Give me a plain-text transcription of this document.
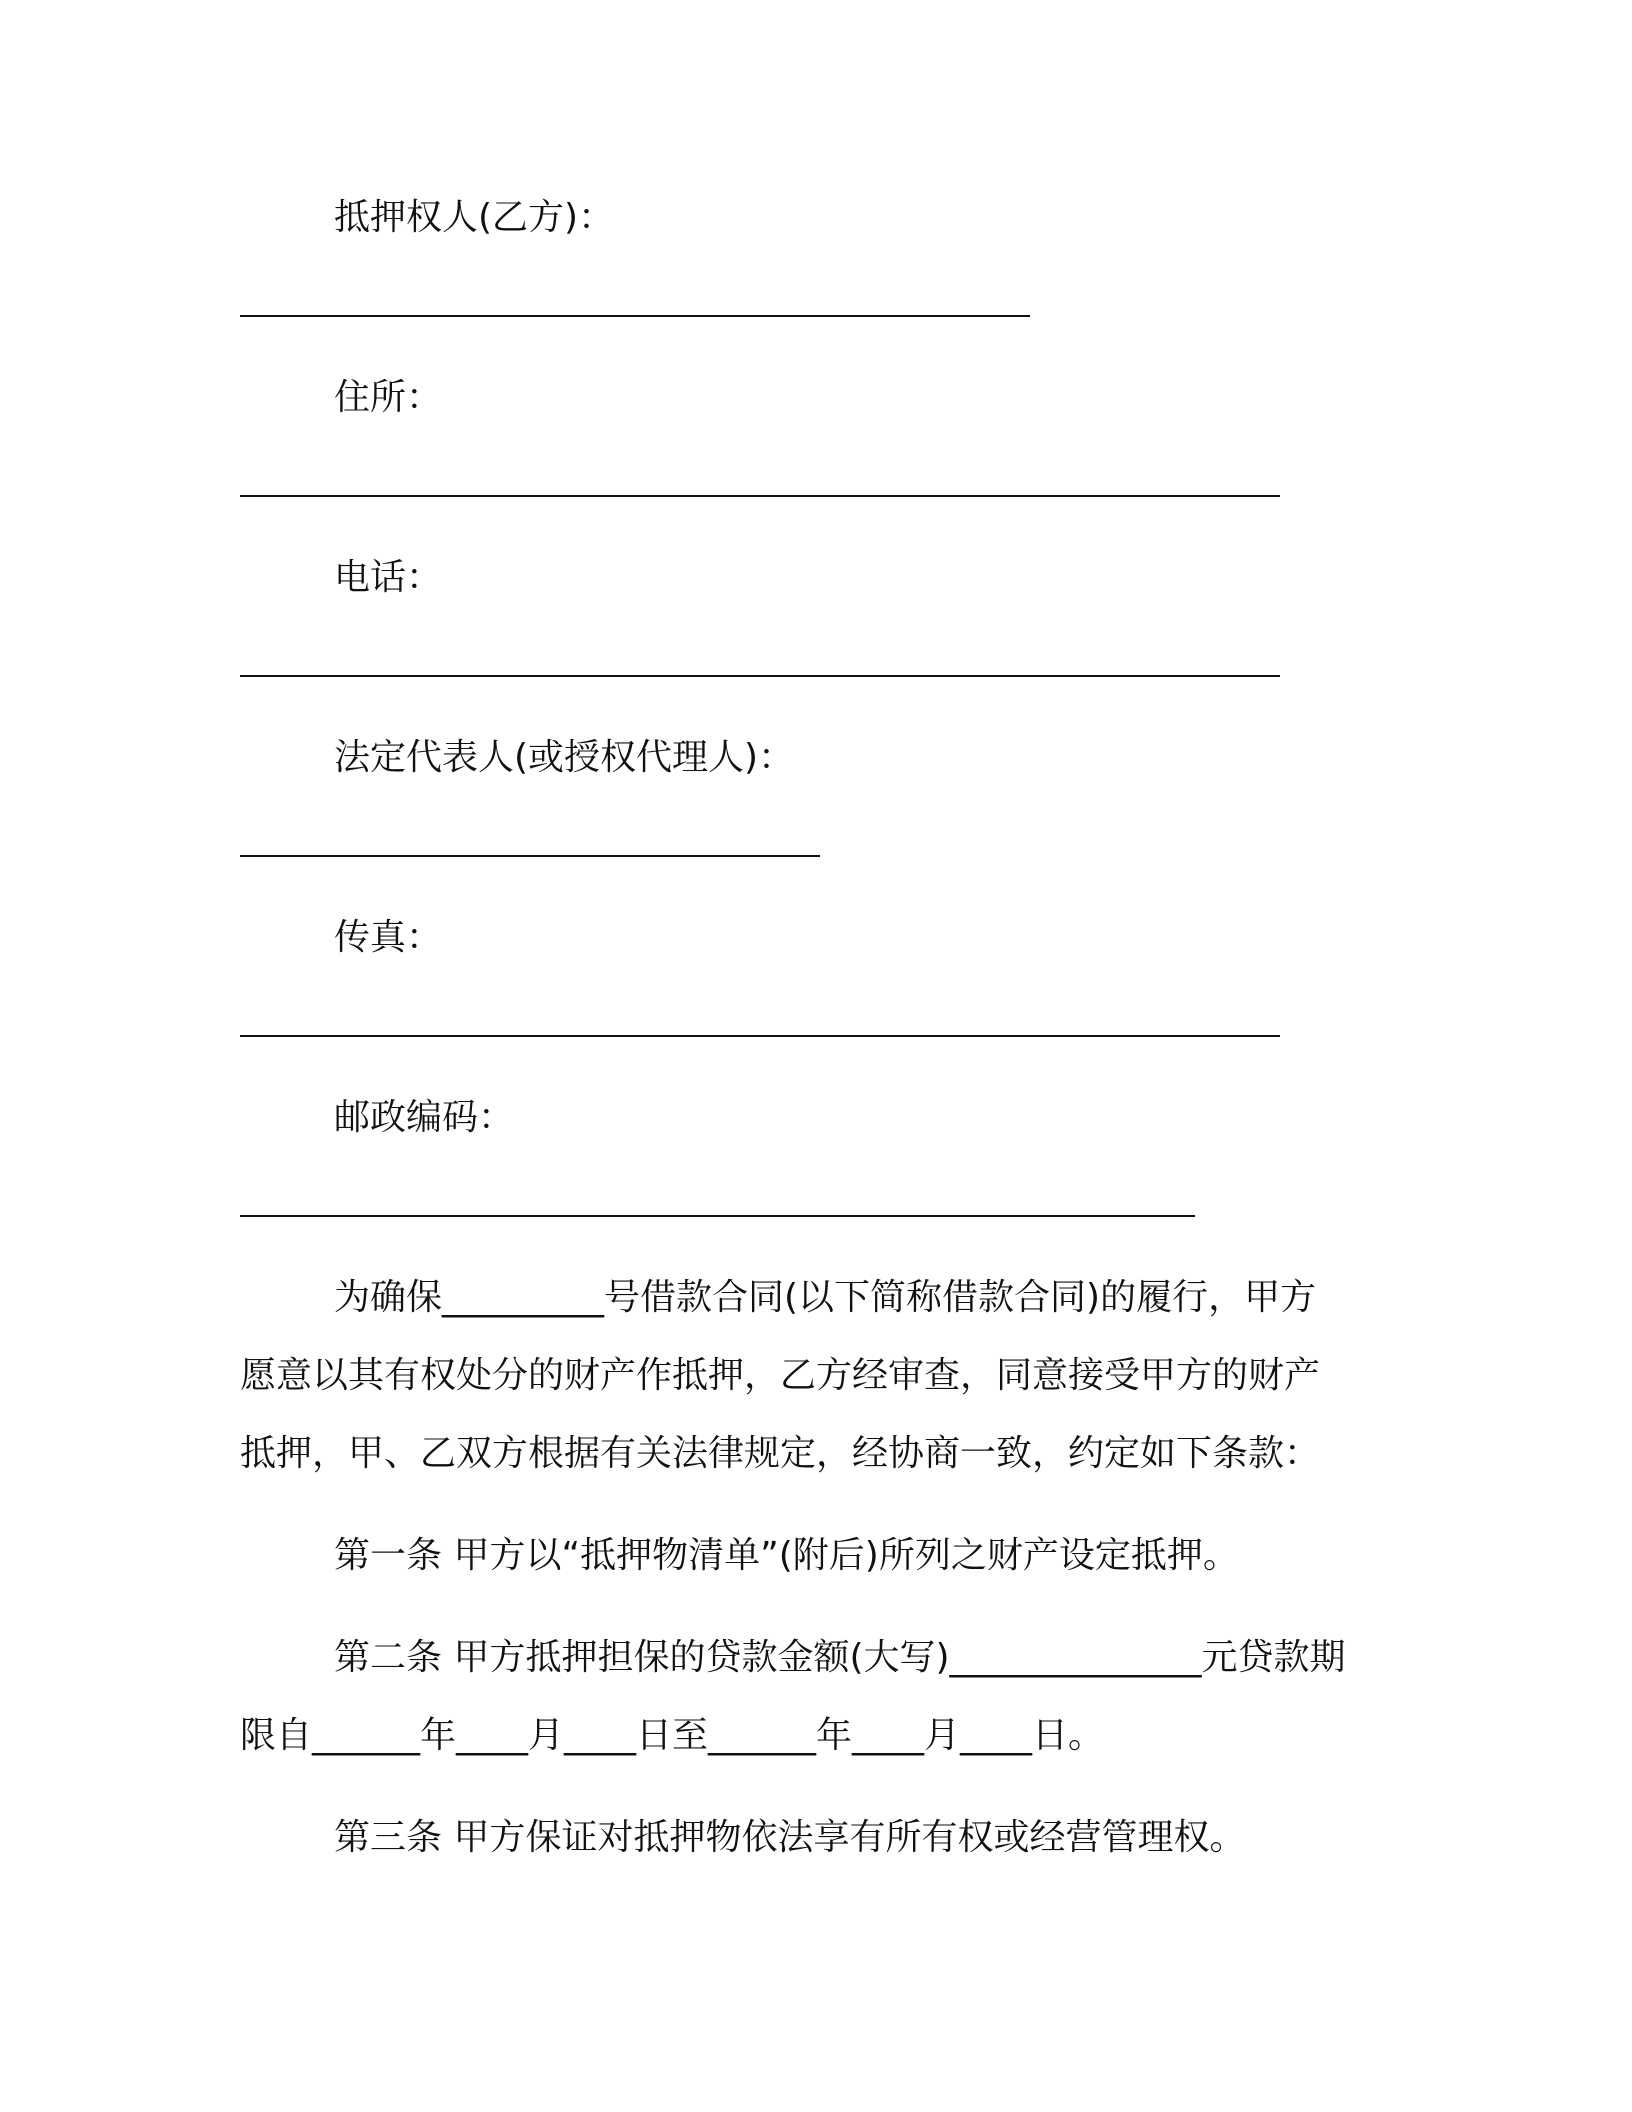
抵押权人(乙方)：
住所：
电话：
法定代表人(或授权代理人)：
传真：
邮政编码：
为确保_________号借款合同(以下简称借款合同)的履行，甲方
愿意以其有权处分的财产作抵押，乙方经审查，同意接受甲方的财产
抵押，甲、乙双方根据有关法律规定，经协商一致，约定如下条款：
第一条 甲方以“抵押物清单”(附后)所列之财产设定抵押。
第二条 甲方抵押担保的贷款金额(大写)______________元贷款期
限自______年____月____日至______年____月____日。
第三条 甲方保证对抵押物依法享有所有权或经营管理权。
